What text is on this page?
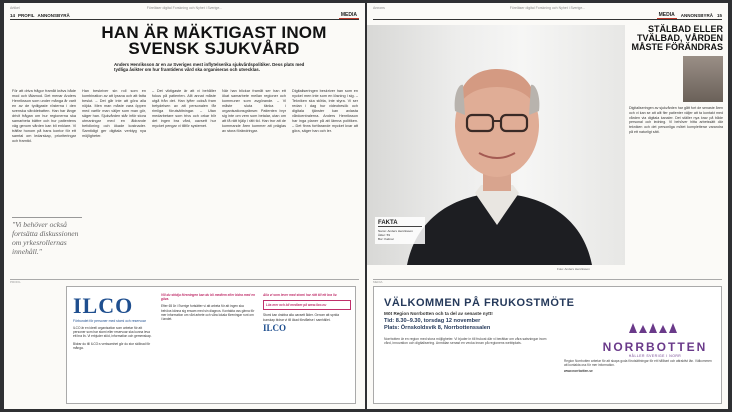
Artikel	Föreläser digital Forskning och Nyhet i Sverige...
14 PROFIL ANNONSBYRÅ	MEDIA
HAN ÄR MÄKTIGAST INOM SVENSK SJUKVÅRD
Anders Henriksson är en av Sveriges mest inflytelserika sjukvårdspolitiker. Dess plats med tydliga åsikter om hur framtidens vård ska organiseras och utvecklas.
För att driva frågor framåt krävs både mod och tålamod. Det menar Anders Henriksson som under många år varit en av de tydligaste rösterna i den svenska vårddebatten. Han har länge drivit frågan om hur regionerna ska samarbeta bättre och hur patientens väg genom vården kan bli enklare. Vi träffar honom på hans kontor för ett samtal om ledarskap, prioriteringar och framtid.
Han beskriver sin roll som en kombination av att lyssna och att fatta beslut. – Det går inte att göra alla nöjda. Men man måste vara öppen med varför man väljer som man gör, säger han. Sjukvården står inför stora utmaningar med en åldrande befolkning och ökade kostnader. Samtidigt ger digitala verktyg nya möjligheter.
– Det viktigaste är att vi behåller fokus på patienten. Allt annat måste utgå från det. Han lyfter också fram betydelsen av att personalen får rimliga förutsättningar. – Utan medarbetare som trivs och orkar blir det ingen bra vård, oavsett hur mycket pengar vi tillför systemet.
När han blickar framåt ser han ett ökat samarbete mellan regioner och kommuner som avgörande. – Vi måste sluta tänka i organisationsgränser. Patienten bryr sig inte om vem som betalar, utan om att få rätt hjälp i rätt tid. Han tror att de kommande åren kommer att präglas av stora förändringar.
Digitaliseringen beskriver han som en nyckel men inte som en lösning i sig. – Tekniken ska stötta, inte styra. Vi ser redan i dag hur videobesök och digitala tjänster kan avlasta vårdcentralerna. Anders Henriksson har inga planer på att lämna politiken. – Det finns fortfarande mycket kvar att göra, säger han och ler.
"Vi behöver också fortsätta diskussionen om yrkesrollernas innehåll."
PROFIL
ILCO
Förbundet för personer med stomi och reservoar
ILCO är en ideell organisation som arbetar för att personer som har stomi eller reservoar ska kunna leva ett bra liv. Vi erbjuder stöd, information och gemenskap.
Bidrar du till ILCO:s verksamhet gör du stor skillnad för många.
Vill du stödja föreningen kan du bli medlem eller bidra med en gåva.
Efter 65 år i Sverige fortsätter vi att arbeta för att ingen ska behöva känna sig ensam med sin diagnos. Kontakta oss gärna för mer information om vårt arbete och våra lokala föreningar runt om i landet.
Alla vi som lever med stomi har rätt till ett bra liv.
Läs mer och bli medlem på www.ilco.nu
Stomi kan drabba alla oavsett ålder. Genom att sprida kunskap bidrar vi till ökad förståelse i samhället.
ILCO
Annons	Föreläser digital Forskning och Nyhet i Sverige...
MEDIA	ANNONSBYRÅ 15
FAKTA
Namn: Anders Henriksson
Ålder: 59
Bor: Kalmar
Foto: Anders Henriksson
STÄLBAD ELLER TVÄLBAD, VÅRDEN MÅSTE FÖRÄNDRAS
Digitaliseringen av sjukvården har gått fort de senaste åren och vi kan se att allt fler patienter väljer att ta kontakt med vården via digitala kanaler. Det ställer nya krav på både personal och ledning. Vi behöver hitta arbetssätt där tekniken och det personliga mötet kompletterar varandra på ett naturligt sätt.
MEDIA
VÄLKOMMEN PÅ FRUKOSTMÖTE
Möt Region Norrbotten och ta del av senaste nytt!
Tid: 8.30–9.30, torsdag 12 november
Plats: Örnskoldsvik 8, Norrbottenssalen
Norrbotten är en region med stora möjligheter. Vi bjuder in till frukost där vi berättar om våra satsningar inom vård, innovation och digitalisering. Anmälan senast en vecka innan på regionens webbplats.	NORRBOTTEN
HÅLLER SVERIGE I NORR
Region Norrbotten arbetar för att skapa goda förutsättningar för ett hållbart och attraktivt län. Välkommen att kontakta oss för mer information.
www.norrbotten.se
